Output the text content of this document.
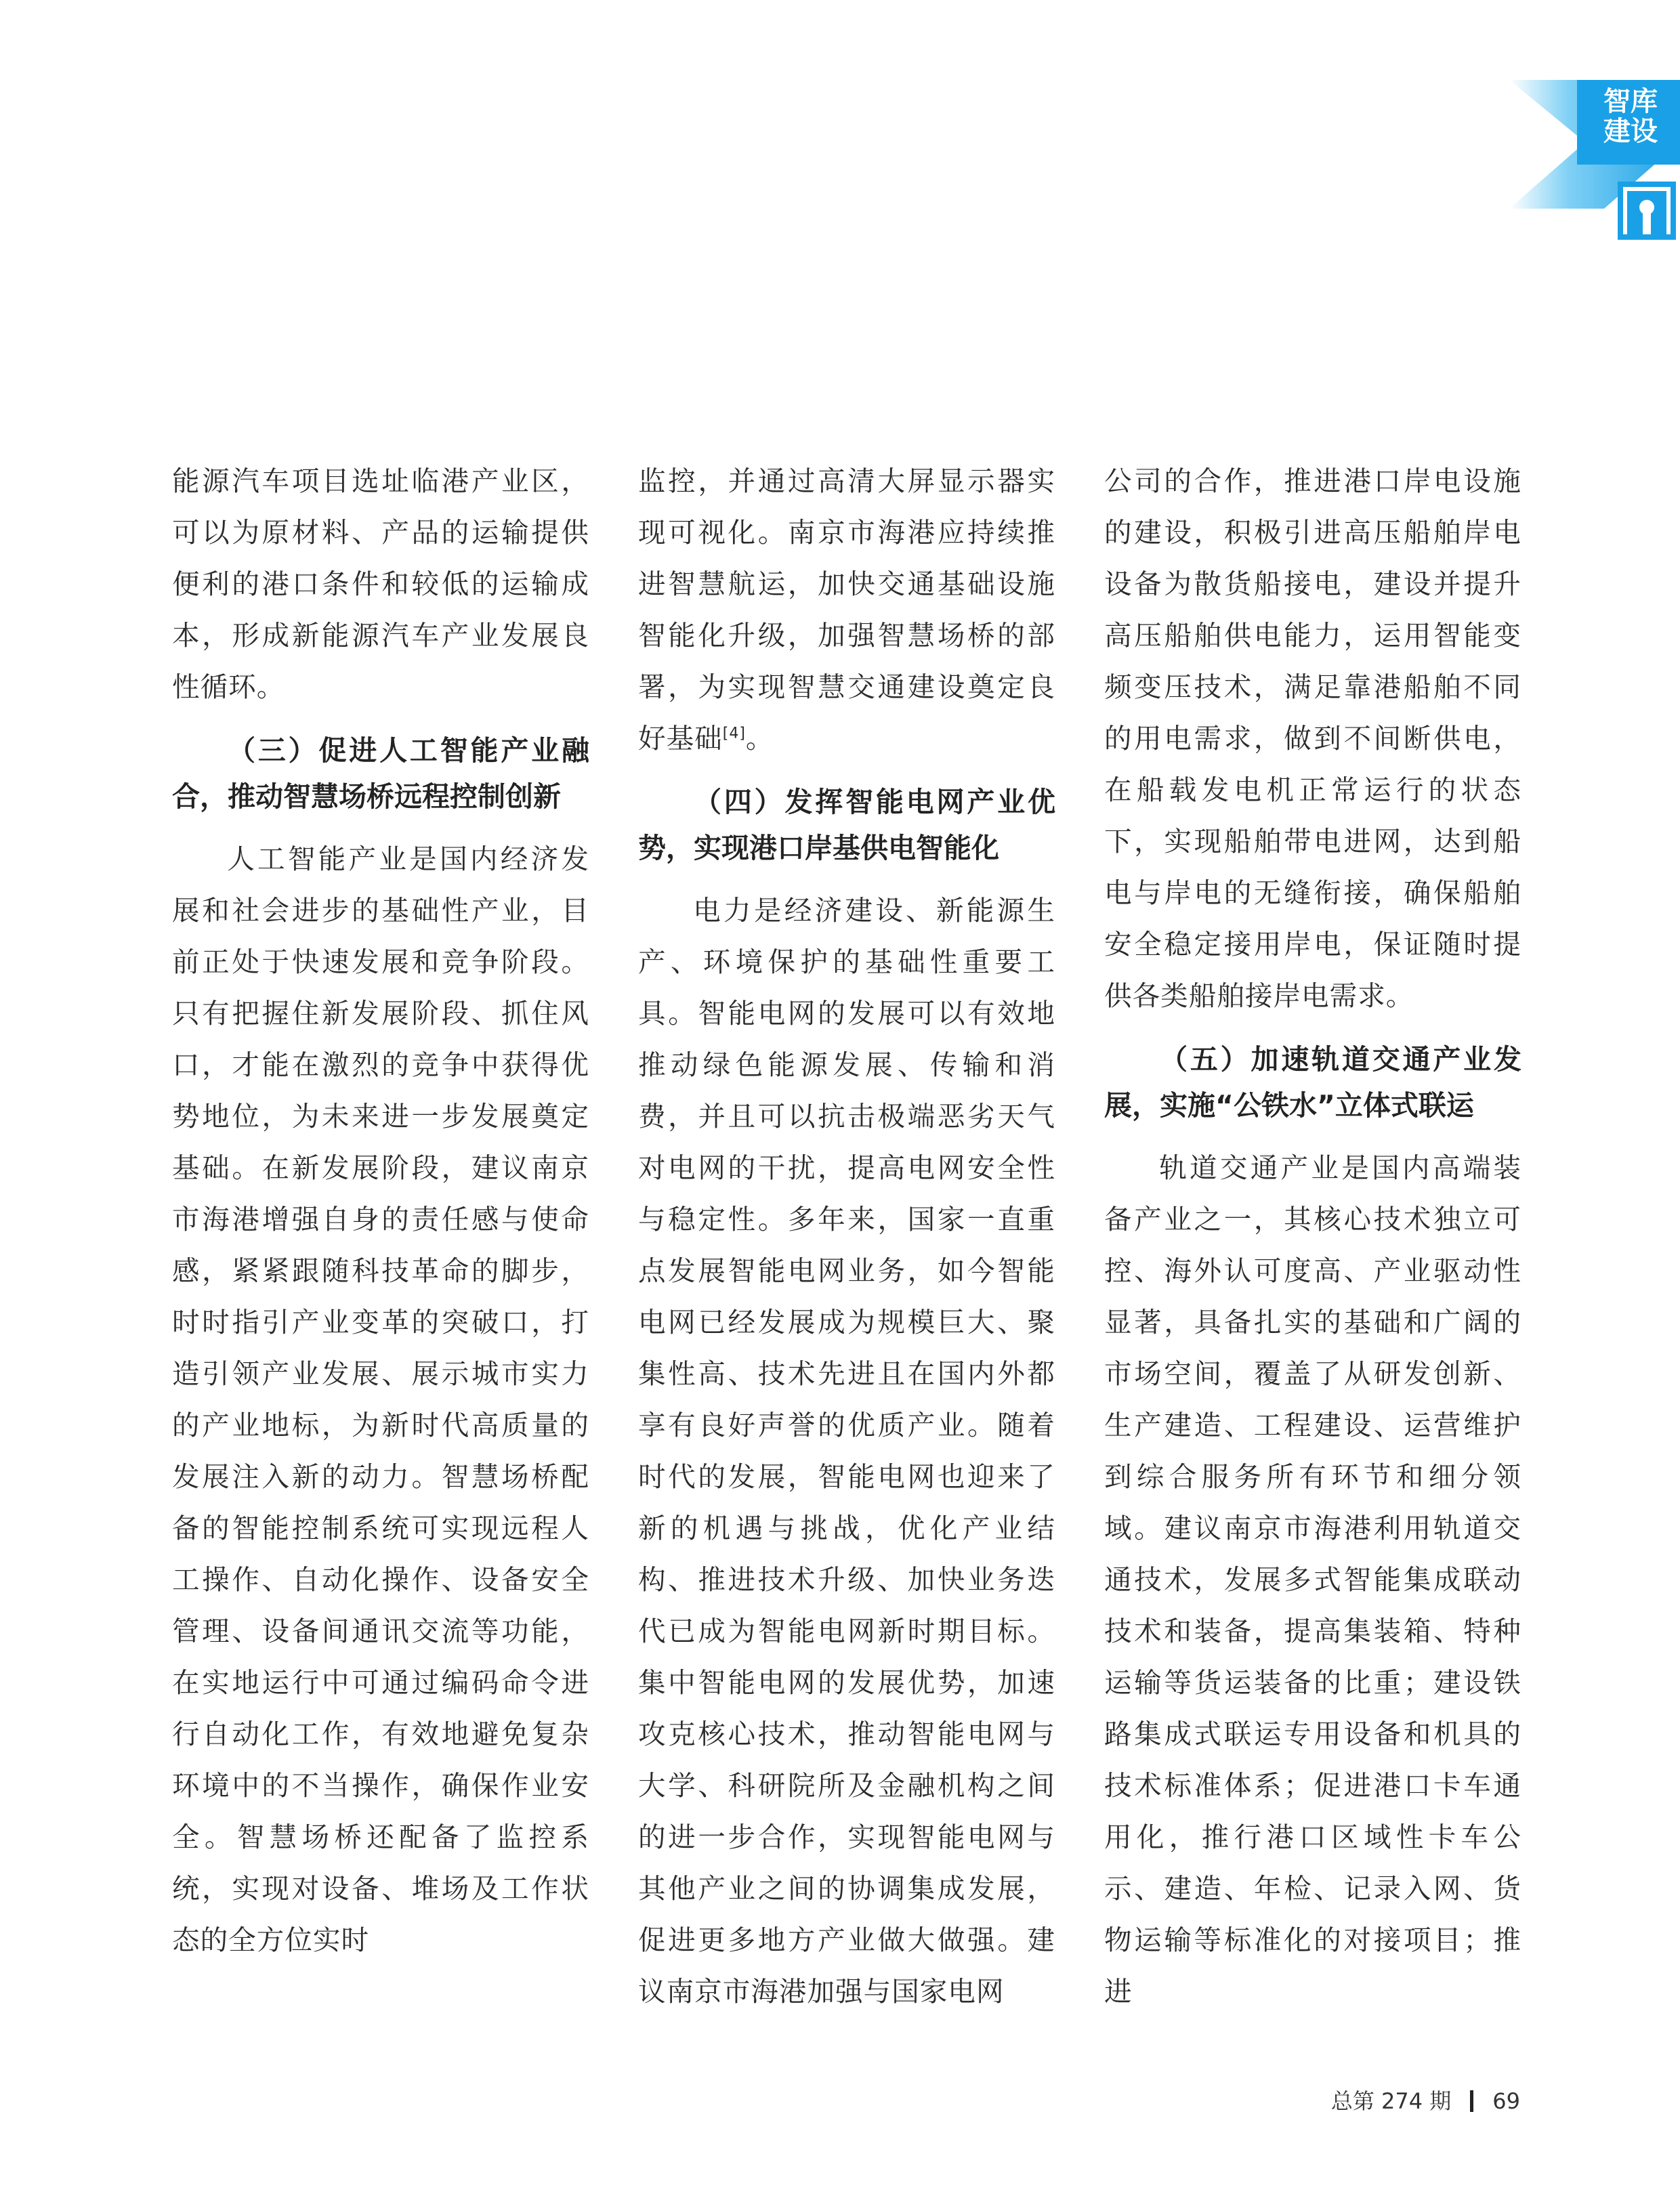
智库
建设

能源汽车项目选址临港产业区，可以为原材料、产品的运输提供便利的港口条件和较低的运输成本，形成新能源汽车产业发展良性循环。

（三）促进人工智能产业融合，推动智慧场桥远程控制创新

人工智能产业是国内经济发展和社会进步的基础性产业，目前正处于快速发展和竞争阶段。只有把握住新发展阶段、抓住风口，才能在激烈的竞争中获得优势地位，为未来进一步发展奠定基础。在新发展阶段，建议南京市海港增强自身的责任感与使命感，紧紧跟随科技革命的脚步，时时指引产业变革的突破口，打造引领产业发展、展示城市实力的产业地标，为新时代高质量的发展注入新的动力。智慧场桥配备的智能控制系统可实现远程人工操作、自动化操作、设备安全管理、设备间通讯交流等功能，在实地运行中可通过编码命令进行自动化工作，有效地避免复杂环境中的不当操作，确保作业安全。智慧场桥还配备了监控系统，实现对设备、堆场及工作状态的全方位实时

监控，并通过高清大屏显示器实现可视化。南京市海港应持续推进智慧航运，加快交通基础设施智能化升级，加强智慧场桥的部署，为实现智慧交通建设奠定良好基础[4]。

（四）发挥智能电网产业优势，实现港口岸基供电智能化

电力是经济建设、新能源生产、环境保护的基础性重要工具。智能电网的发展可以有效地推动绿色能源发展、传输和消费，并且可以抗击极端恶劣天气对电网的干扰，提高电网安全性与稳定性。多年来，国家一直重点发展智能电网业务，如今智能电网已经发展成为规模巨大、聚集性高、技术先进且在国内外都享有良好声誉的优质产业。随着时代的发展，智能电网也迎来了新的机遇与挑战，优化产业结构、推进技术升级、加快业务迭代已成为智能电网新时期目标。集中智能电网的发展优势，加速攻克核心技术，推动智能电网与大学、科研院所及金融机构之间的进一步合作，实现智能电网与其他产业之间的协调集成发展，促进更多地方产业做大做强。建议南京市海港加强与国家电网

公司的合作，推进港口岸电设施的建设，积极引进高压船舶岸电设备为散货船接电，建设并提升高压船舶供电能力，运用智能变频变压技术，满足靠港船舶不同的用电需求，做到不间断供电，在船载发电机正常运行的状态下，实现船舶带电进网，达到船电与岸电的无缝衔接，确保船舶安全稳定接用岸电，保证随时提供各类船舶接岸电需求。

（五）加速轨道交通产业发展，实施“公铁水”立体式联运

轨道交通产业是国内高端装备产业之一，其核心技术独立可控、海外认可度高、产业驱动性显著，具备扎实的基础和广阔的市场空间，覆盖了从研发创新、生产建造、工程建设、运营维护到综合服务所有环节和细分领域。建议南京市海港利用轨道交通技术，发展多式智能集成联动技术和装备，提高集装箱、特种运输等货运装备的比重；建设铁路集成式联运专用设备和机具的技术标准体系；促进港口卡车通用化，推行港口区域性卡车公示、建造、年检、记录入网、货物运输等标准化的对接项目；推进

总第 274 期 69
